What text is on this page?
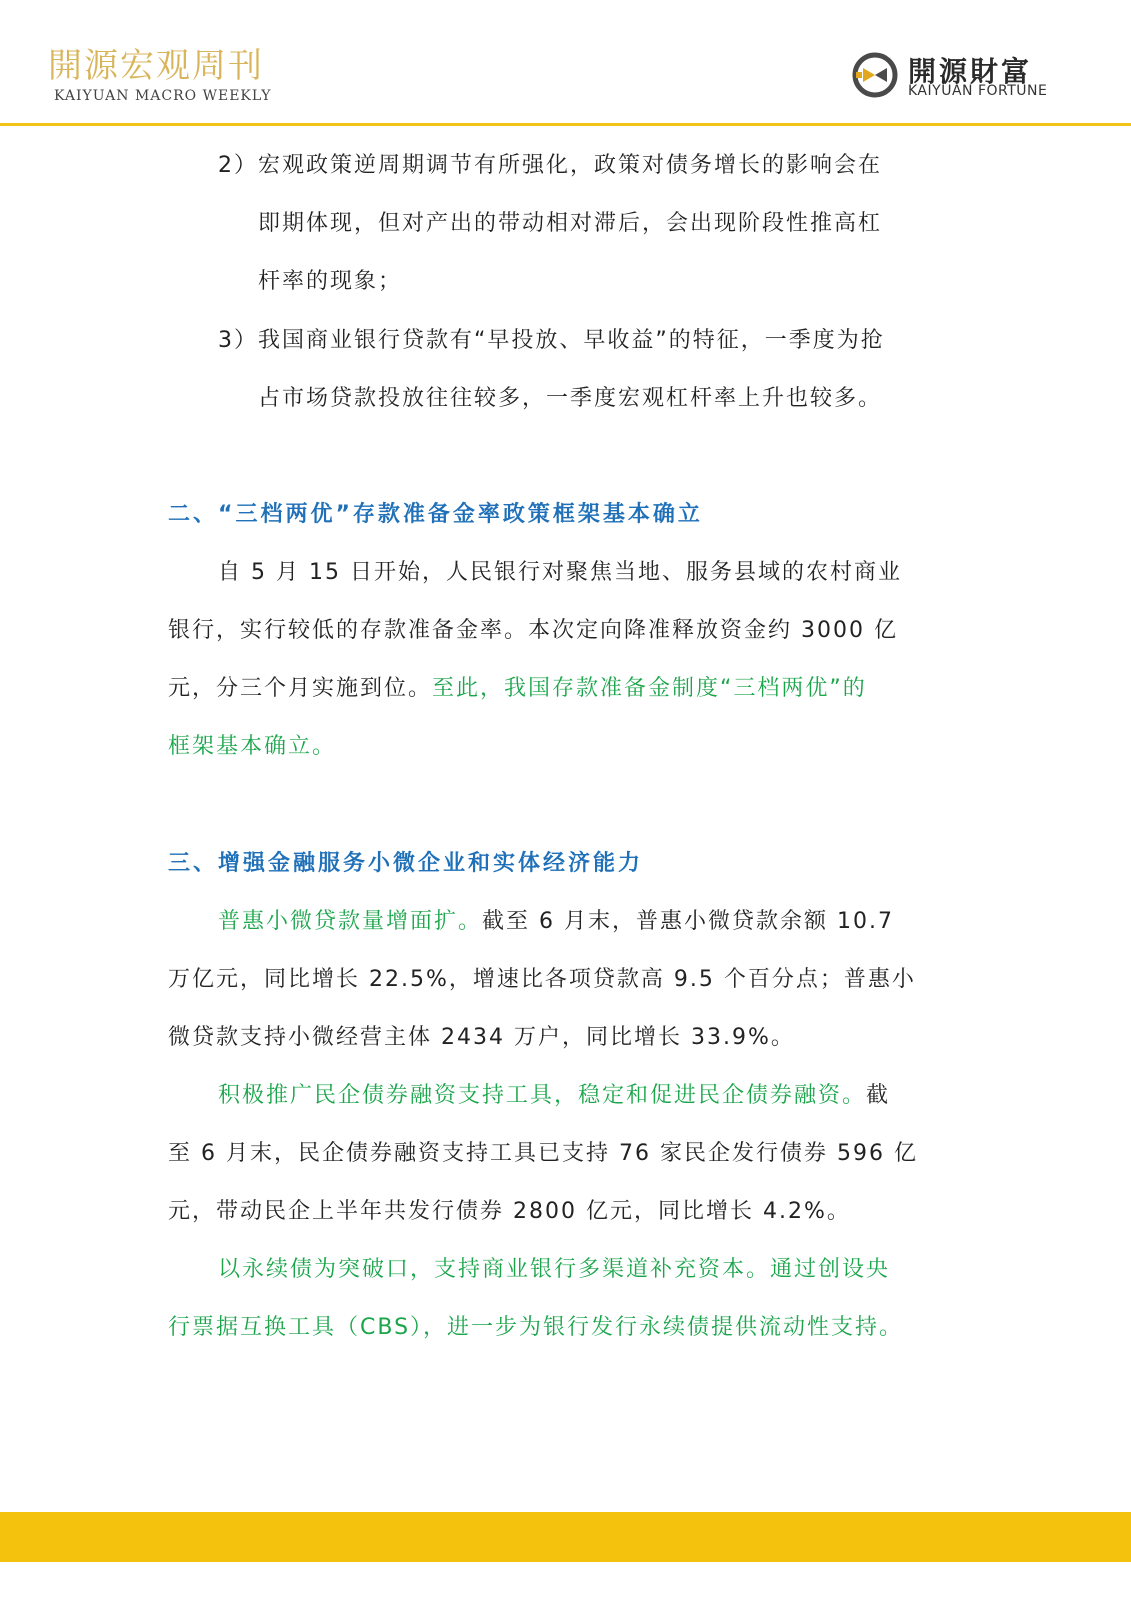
開源宏观周刊
KAIYUAN MACRO WEEKLY
開源財富
KAIYUAN FORTUNE
2）宏观政策逆周期调节有所强化，政策对债务增长的影响会在
即期体现，但对产出的带动相对滞后，会出现阶段性推高杠
杆率的现象；
3）我国商业银行贷款有“早投放、早收益”的特征，一季度为抢
占市场贷款投放往往较多，一季度宏观杠杆率上升也较多。
二、“三档两优”存款准备金率政策框架基本确立
自 5 月 15 日开始，人民银行对聚焦当地、服务县域的农村商业
银行，实行较低的存款准备金率。本次定向降准释放资金约 3000 亿
元，分三个月实施到位。至此，我国存款准备金制度“三档两优”的
框架基本确立。
三、增强金融服务小微企业和实体经济能力
普惠小微贷款量增面扩。截至 6 月末，普惠小微贷款余额 10.7
万亿元，同比增长 22.5%，增速比各项贷款高 9.5 个百分点；普惠小
微贷款支持小微经营主体 2434 万户，同比增长 33.9%。
积极推广民企债券融资支持工具，稳定和促进民企债券融资。截
至 6 月末，民企债券融资支持工具已支持 76 家民企发行债券 596 亿
元，带动民企上半年共发行债券 2800 亿元，同比增长 4.2%。
以永续债为突破口，支持商业银行多渠道补充资本。通过创设央
行票据互换工具（CBS），进一步为银行发行永续债提供流动性支持。
